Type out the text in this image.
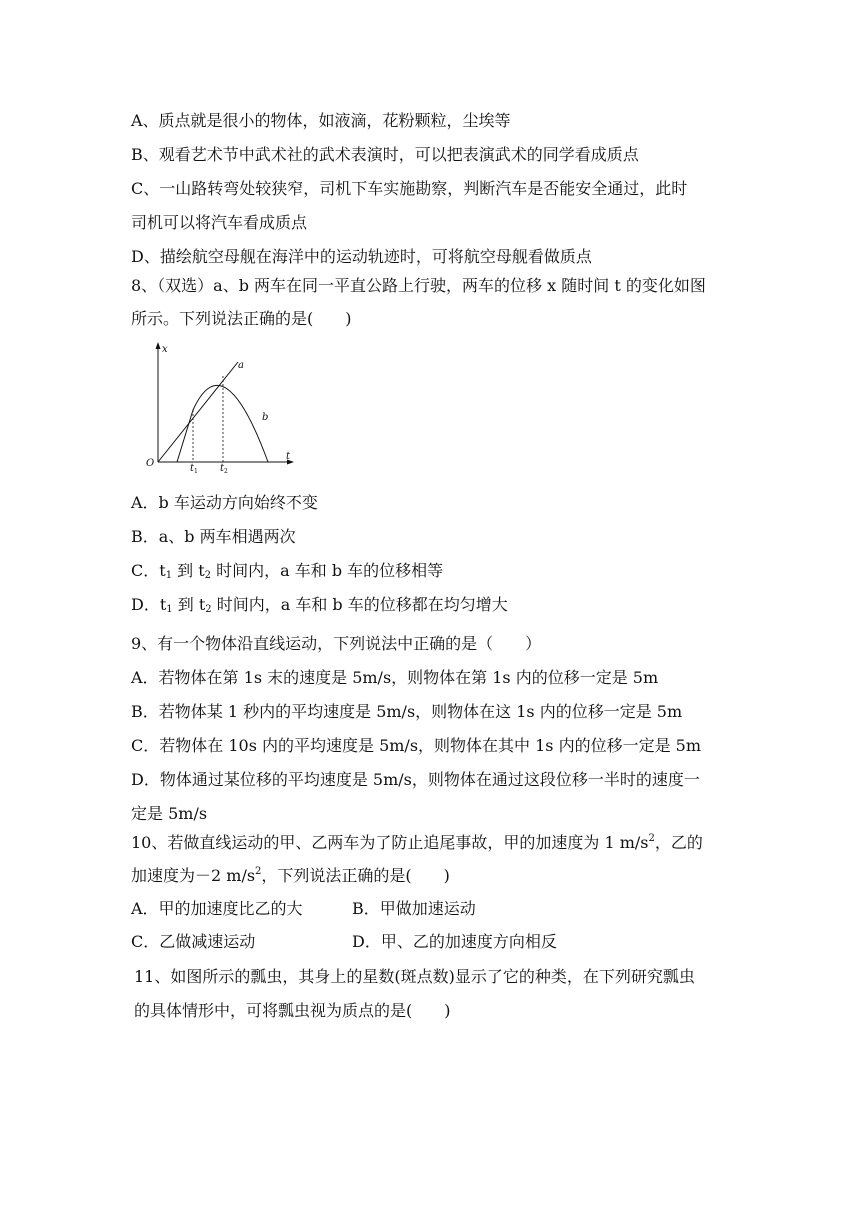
A、质点就是很小的物体，如液滴，花粉颗粒，尘埃等
B、观看艺术节中武术社的武术表演时，可以把表演武术的同学看成质点
C、一山路转弯处较狭窄，司机下车实施勘察，判断汽车是否能安全通过，此时
司机可以将汽车看成质点
D、描绘航空母舰在海洋中的运动轨迹时，可将航空母舰看做质点
8、（双选）a、b 两车在同一平直公路上行驶，两车的位移 x 随时间 t 的变化如图
所示。下列说法正确的是(　　)
x
t
O
a
b
$t_1$ $t_2$
A．b 车运动方向始终不变
B．a、b 两车相遇两次
C．$t_1$ 到 $t_2$ 时间内，a 车和 b 车的位移相等
D．$t_1$ 到 $t_2$ 时间内，a 车和 b 车的位移都在均匀增大
9、有一个物体沿直线运动，下列说法中正确的是（　　）
A．若物体在第 1s 末的速度是 5m/s，则物体在第 1s 内的位移一定是 5m
B．若物体某 1 秒内的平均速度是 5m/s，则物体在这 1s 内的位移一定是 5m
C．若物体在 10s 内的平均速度是 5m/s，则物体在其中 1s 内的位移一定是 5m
D．物体通过某位移的平均速度是 5m/s，则物体在通过这段位移一半时的速度一
定是 5m/s
10、若做直线运动的甲、乙两车为了防止追尾事故，甲的加速度为 1 $m/s^2$，乙的
加速度为－2 $m/s^2$，下列说法正确的是(　　)
A．甲的加速度比乙的大	B．甲做加速运动
C．乙做减速运动	D．甲、乙的加速度方向相反
11、如图所示的瓢虫，其身上的星数(斑点数)显示了它的种类，在下列研究瓢虫
的具体情形中，可将瓢虫视为质点的是(　　)
